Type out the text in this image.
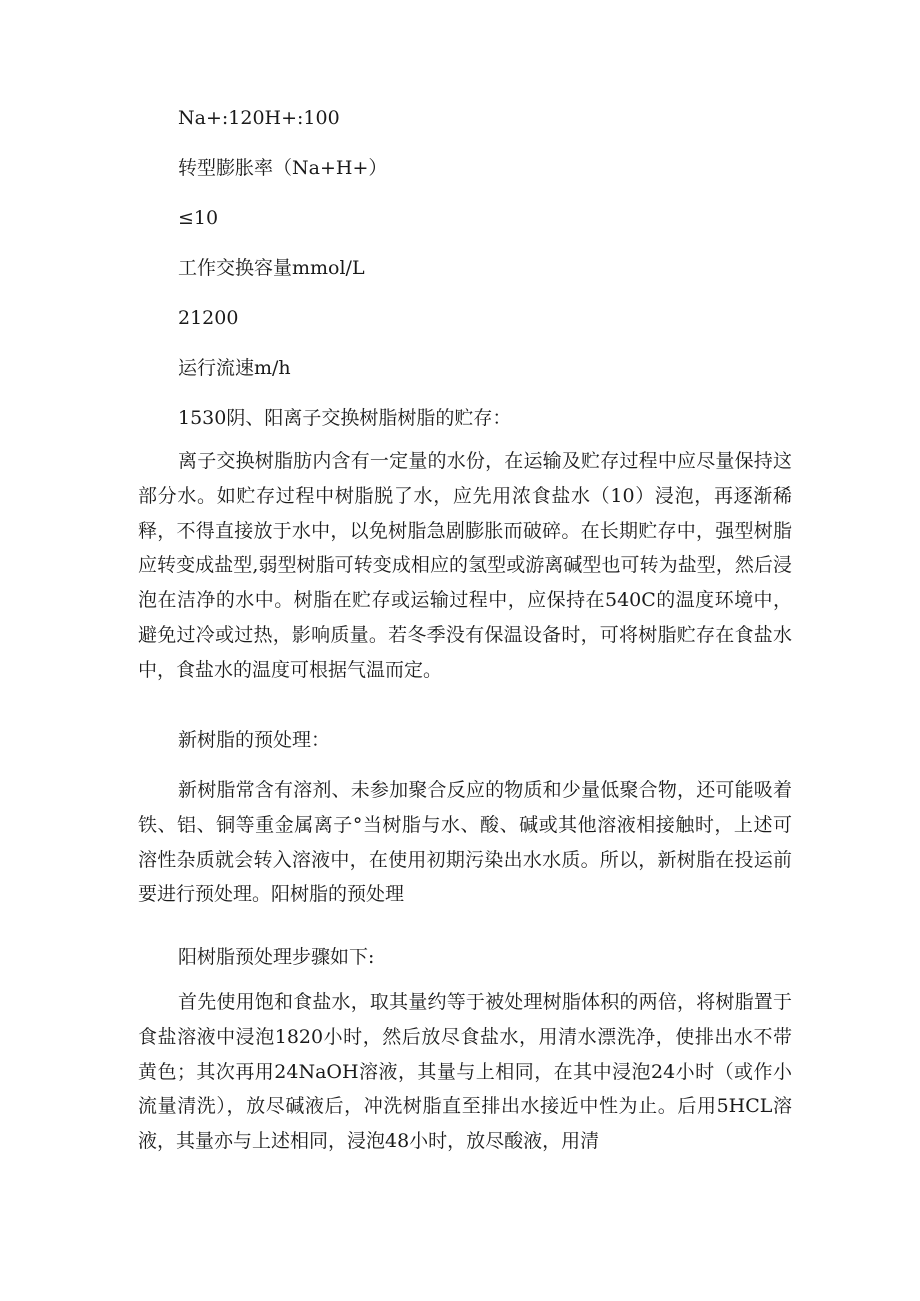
Na+:120H+:100

转型膨胀率（Na+H+）

≤10

工作交换容量mmol/L

21200

运行流速m/h

1530阴、阳离子交换树脂树脂的贮存：

离子交换树脂肪内含有一定量的水份，在运输及贮存过程中应尽量保持这部分水。如贮存过程中树脂脱了水，应先用浓食盐水（10）浸泡，再逐渐稀释，不得直接放于水中，以免树脂急剧膨胀而破碎。在长期贮存中，强型树脂应转变成盐型,弱型树脂可转变成相应的氢型或游离碱型也可转为盐型，然后浸泡在洁净的水中。树脂在贮存或运输过程中，应保持在540C的温度环境中，避免过冷或过热，影响质量。若冬季没有保温设备时，可将树脂贮存在食盐水中，食盐水的温度可根据气温而定。

新树脂的预处理：

新树脂常含有溶剂、未参加聚合反应的物质和少量低聚合物，还可能吸着铁、铝、铜等重金属离子°当树脂与水、酸、碱或其他溶液相接触时，上述可溶性杂质就会转入溶液中，在使用初期污染出水水质。所以，新树脂在投运前要进行预处理。阳树脂的预处理

阳树脂预处理步骤如下:

首先使用饱和食盐水，取其量约等于被处理树脂体积的两倍，将树脂置于食盐溶液中浸泡1820小时，然后放尽食盐水，用清水漂洗净，使排出水不带黄色；其次再用24NaOH溶液，其量与上相同，在其中浸泡24小时（或作小流量清洗），放尽碱液后，冲洗树脂直至排出水接近中性为止。后用5HCL溶液，其量亦与上述相同，浸泡48小时，放尽酸液，用清
